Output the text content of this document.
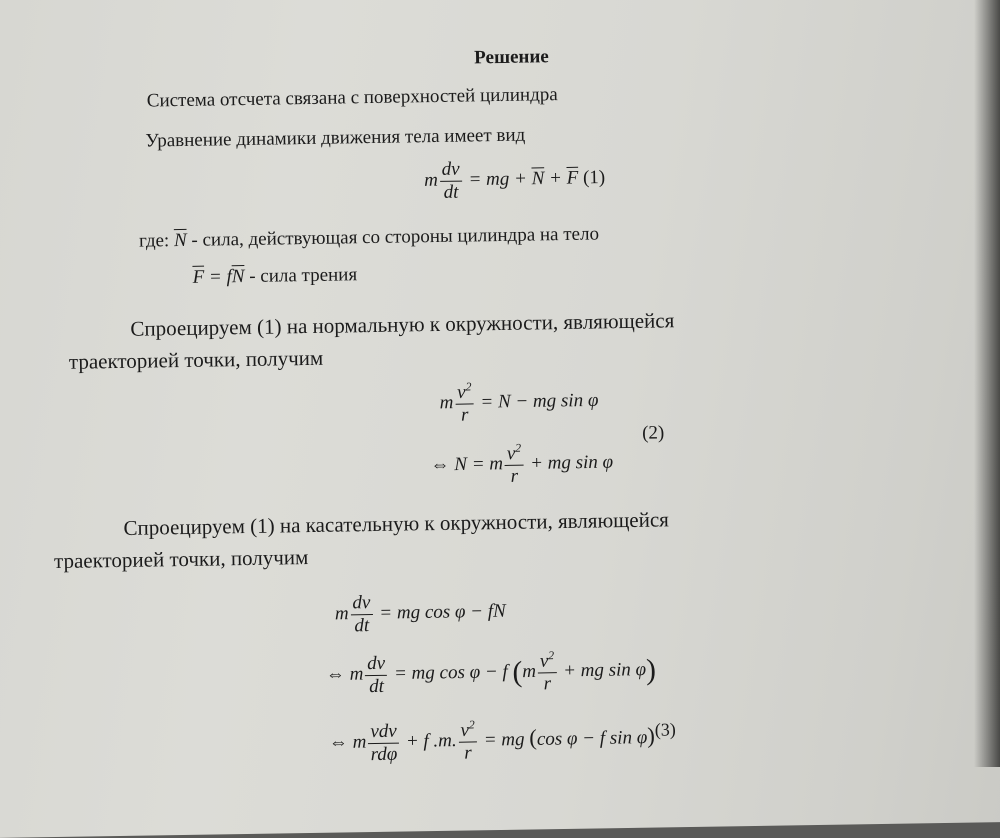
Решение
Система отсчета связана с поверхностей цилиндра
Уравнение динамики движения тела имеет вид
m $\frac{dv}{dt}$ = mg + $\overline{N} + \overline{F}$ (1)
где: $\overline{N}$ - сила, действующая со стороны цилиндра на тело
$\overline{F} = f\overline{N}$ - сила трения
Спроецируем (1) на нормальную к окружности, являющейся
траекторией точки, получим
m $\frac{v^2}{r} = N$ − mg sin φ
(2)
⇔ N = m $\frac{v^2}{r}$ + mg sin φ
Спроецируем (1) на касательную к окружности, являющейся
траекторией точки, получим
m $\frac{dv}{dt}$ = mg cos φ − fN
⇔ m $\frac{dv}{dt}$ = mg cos φ − f ($m \frac{v^2}{r}$ + mg sin φ)
⇔ m $\frac{\text{vdv}}{\text{rdφ}} + f$ .m. $\frac{v^2}{r}$ = mg (cos φ − f sin φ)$^{(3)}$
